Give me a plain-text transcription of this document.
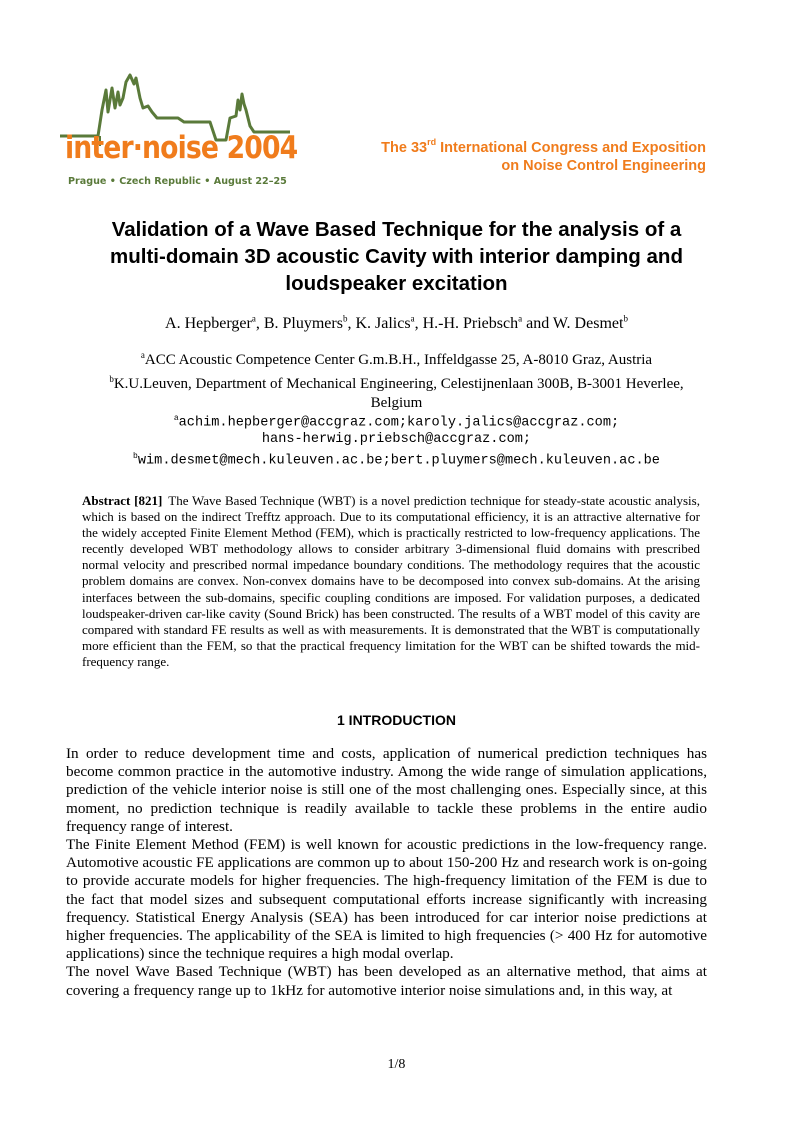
inter·noise 2004
Prague • Czech Republic • August 22–25
The 33rd International Congress and Exposition
on Noise Control Engineering
Validation of a Wave Based Technique for the analysis of a
multi-domain 3D acoustic Cavity with interior damping and
loudspeaker excitation
A. Hepberger$^a$, B. Pluymers$^b$, K. Jalics$^a$, H.-H. Priebsch$^a$ and W. Desmet$^b$
$^a$ACC Acoustic Competence Center G.m.B.H., Inffeldgasse 25, A-8010 Graz, Austria
$^b$K.U.Leuven, Department of Mechanical Engineering, Celestijnenlaan 300B, B-3001 Heverlee,
Belgium
$^a$achim.hepberger@accgraz.com;karoly.jalics@accgraz.com;
hans-herwig.priebsch@accgraz.com;
$^b$wim.desmet@mech.kuleuven.ac.be;bert.pluymers@mech.kuleuven.ac.be
Abstract [821] The Wave Based Technique (WBT) is a novel prediction technique for steady-state acoustic analysis, which is based on the indirect Trefftz approach. Due to its computational efficiency, it is an attractive alternative for the widely accepted Finite Element Method (FEM), which is practically restricted to low-frequency applications. The recently developed WBT methodology allows to consider arbitrary 3-dimensional fluid domains with prescribed normal velocity and prescribed normal impedance boundary conditions. The methodology requires that the acoustic problem domains are convex. Non-convex domains have to be decomposed into convex sub-domains. At the arising interfaces between the sub-domains, specific coupling conditions are imposed. For validation purposes, a dedicated loudspeaker-driven car-like cavity (Sound Brick) has been constructed. The results of a WBT model of this cavity are compared with standard FE results as well as with measurements. It is demonstrated that the WBT is computationally more efficient than the FEM, so that the practical frequency limitation for the WBT can be shifted towards the mid-frequency range.
1 INTRODUCTION

In order to reduce development time and costs, application of numerical prediction techniques has become common practice in the automotive industry. Among the wide range of simulation applications, prediction of the vehicle interior noise is still one of the most challenging ones. Especially since, at this moment, no prediction technique is readily available to tackle these problems in the entire audio frequency range of interest.

The Finite Element Method (FEM) is well known for acoustic predictions in the low-frequency range. Automotive acoustic FE applications are common up to about 150-200 Hz and research work is on-going to provide accurate models for higher frequencies. The high-frequency limitation of the FEM is due to the fact that model sizes and subsequent computational efforts increase significantly with increasing frequency. Statistical Energy Analysis (SEA) has been introduced for car interior noise predictions at higher frequencies. The applicability of the SEA is limited to high frequencies (> 400 Hz for automotive applications) since the technique requires a high modal overlap.

The novel Wave Based Technique (WBT) has been developed as an alternative method, that aims at covering a frequency range up to 1kHz for automotive interior noise simulations and, in this way, at

1/8
